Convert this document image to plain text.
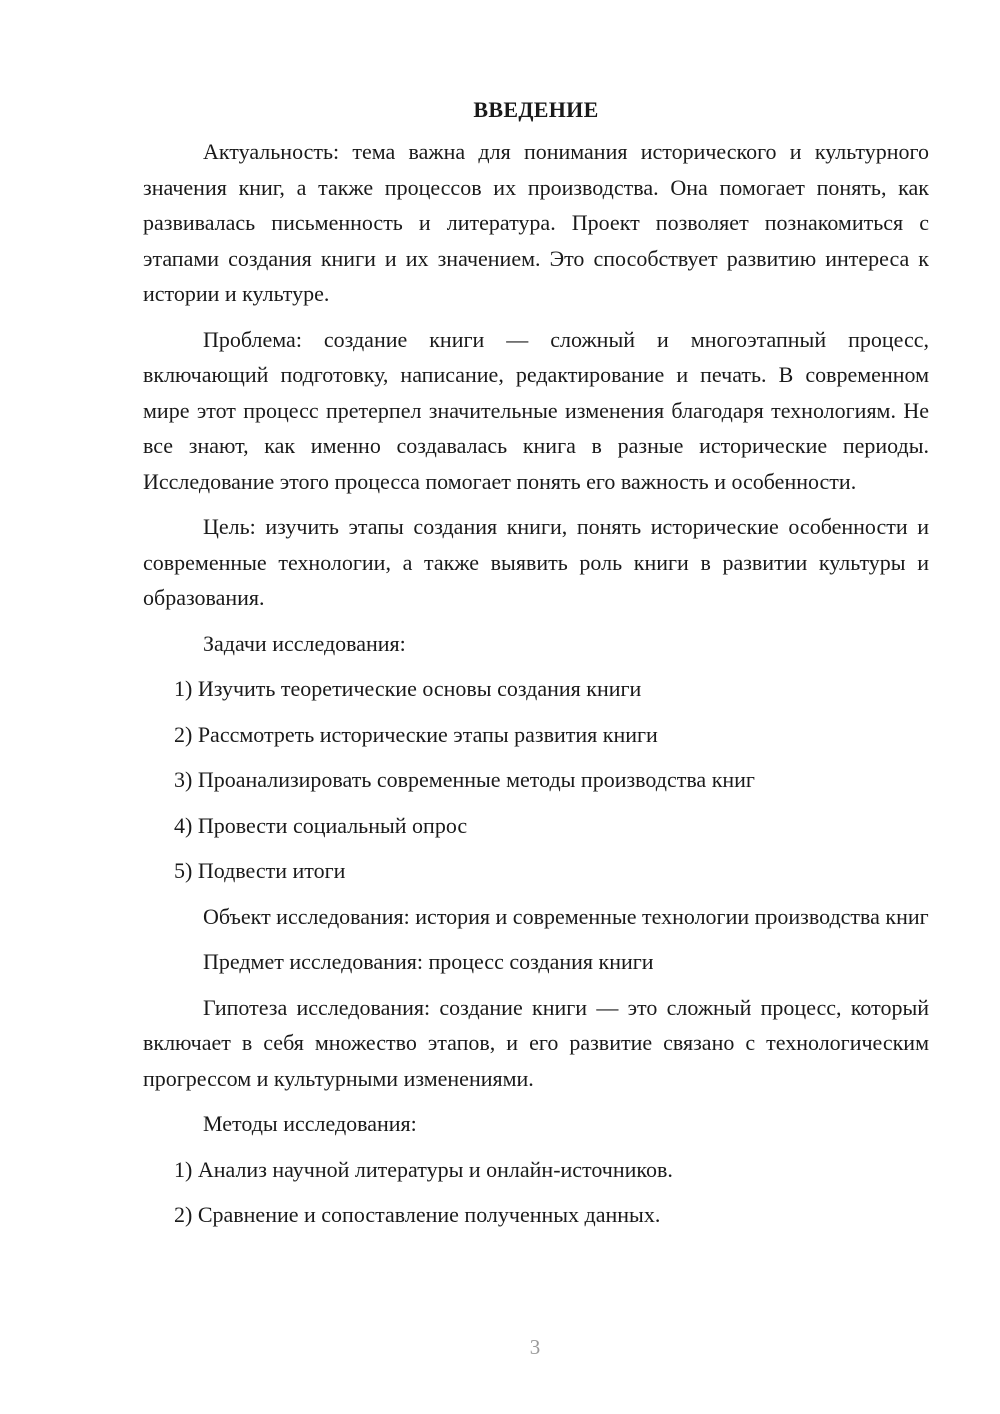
ВВЕДЕНИЕ

Актуальность: тема важна для понимания исторического и культурного значения книг, а также процессов их производства. Она помогает понять, как развивалась письменность и литература. Проект позволяет познакомиться с этапами создания книги и их значением. Это способствует развитию интереса к истории и культуре.

Проблема: создание книги — сложный и многоэтапный процесс, включающий подготовку, написание, редактирование и печать. В современном мире этот процесс претерпел значительные изменения благодаря технологиям. Не все знают, как именно создавалась книга в разные исторические периоды. Исследование этого процесса помогает понять его важность и особенности.

Цель: изучить этапы создания книги, понять исторические особенности и современные технологии, а также выявить роль книги в развитии культуры и образования.

Задачи исследования:
1) Изучить теоретические основы создания книги
2) Рассмотреть исторические этапы развития книги
3) Проанализировать современные методы производства книг
4) Провести социальный опрос
5) Подвести итоги

Объект исследования: история и современные технологии производства книг

Предмет исследования: процесс создания книги

Гипотеза исследования: создание книги — это сложный процесс, который включает в себя множество этапов, и его развитие связано с технологическим прогрессом и культурными изменениями.

Методы исследования:
1) Анализ научной литературы и онлайн-источников.
2) Сравнение и сопоставление полученных данных.
3
